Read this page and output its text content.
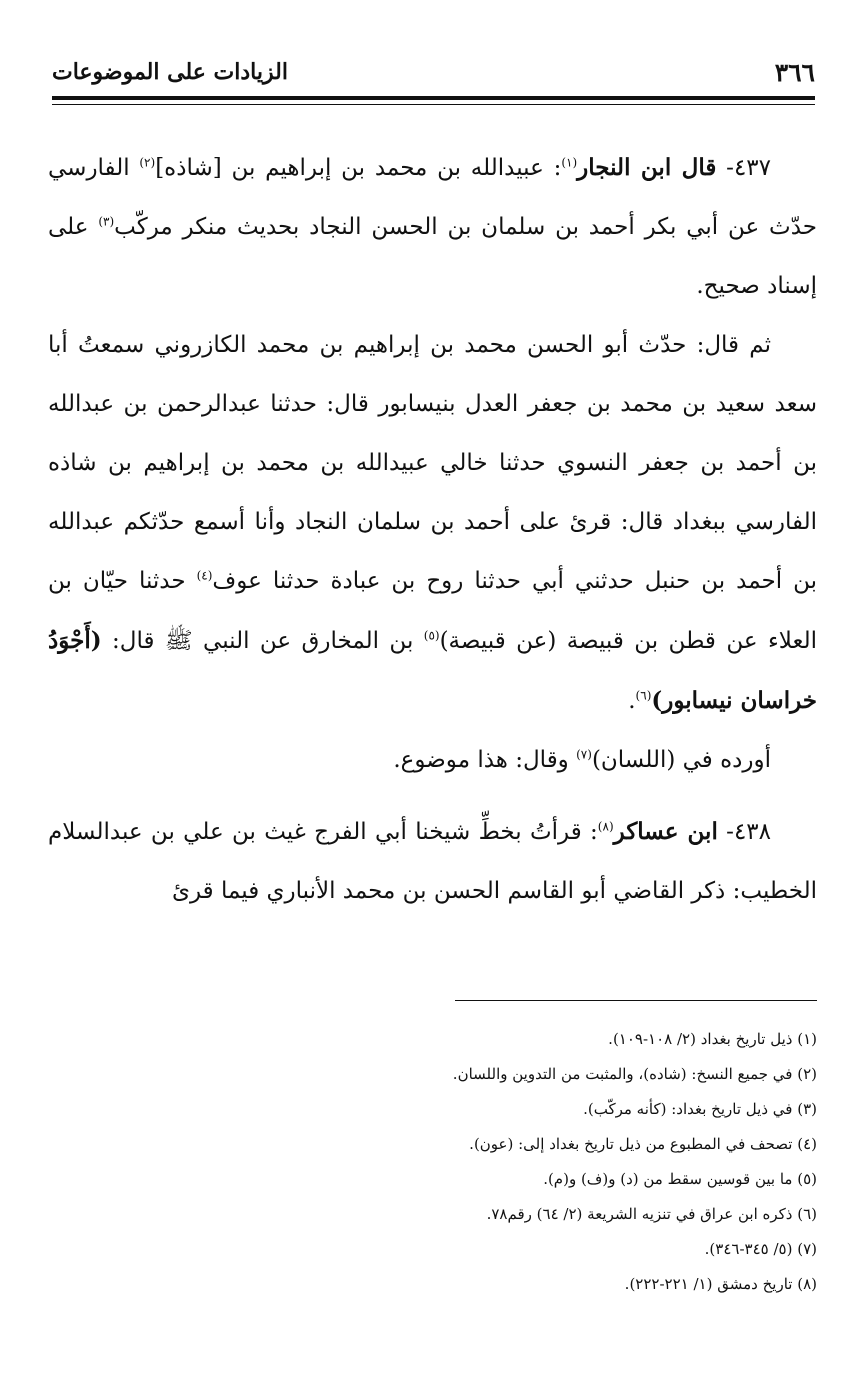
٣٦٦
الزيادات على الموضوعات

٤٣٧- قال ابن النجار$^{(١)}$: عبيدالله بن محمد بن إبراهيم بن [شاذه]$^{(٢)}$ الفارسي حدّث عن أبي بكر أحمد بن سلمان بن الحسن النجاد بحديث منكر مركّب$^{(٣)}$ على إسناد صحيح.

ثم قال: حدّث أبو الحسن محمد بن إبراهيم بن محمد الكازروني سمعتُ أبا سعد سعيد بن محمد بن جعفر العدل بنيسابور قال: حدثنا عبدالرحمن بن عبدالله بن أحمد بن جعفر النسوي حدثنا خالي عبيدالله بن محمد بن إبراهيم بن شاذه الفارسي ببغداد قال: قرئ على أحمد بن سلمان النجاد وأنا أسمع حدّثكم عبدالله بن أحمد بن حنبل حدثني أبي حدثنا روح بن عبادة حدثنا عوف$^{(٤)}$ حدثنا حيّان بن العلاء عن قطن بن قبيصة (عن قبيصة)$^{(٥)}$ بن المخارق عن النبي ﷺ قال: (أَجْوَدُ خراسان نيسابور)$^{(٦)}$.

أورده في (اللسان)$^{(٧)}$ وقال: هذا موضوع.

٤٣٨- ابن عساكر$^{(٨)}$: قرأتُ بخطِّ شيخنا أبي الفرج غيث بن علي بن عبدالسلام الخطيب: ذكر القاضي أبو القاسم الحسن بن محمد الأنباري فيما قرئ

(١) ذيل تاريخ بغداد (٢/ ١٠٨-١٠٩).
(٢) في جميع النسخ: (شاده)، والمثبت من التدوين واللسان.
(٣) في ذيل تاريخ بغداد: (كأنه مركّب).
(٤) تصحف في المطبوع من ذيل تاريخ بغداد إلى: (عون).
(٥) ما بين قوسين سقط من (د) و(ف) و(م).
(٦) ذكره ابن عراق في تنزيه الشريعة (٢/ ٦٤) رقم٧٨.
(٧) (٥/ ٣٤٥-٣٤٦).
(٨) تاريخ دمشق (١/ ٢٢١-٢٢٢).
